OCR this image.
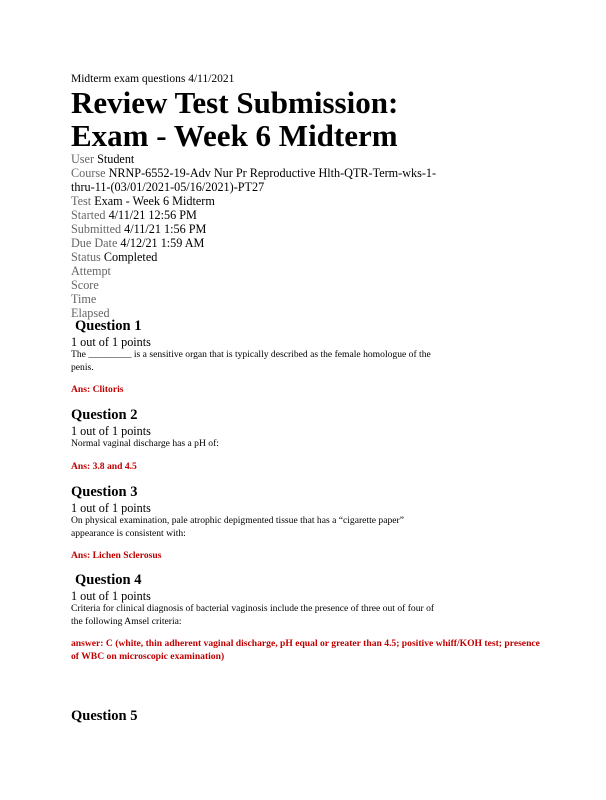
Midterm exam questions 4/11/2021
Review Test Submission:
Exam - Week 6 Midterm
User Student
Course NRNP-6552-19-Adv Nur Pr Reproductive Hlth-QTR-Term-wks-1-thru-11-(03/01/2021-05/16/2021)-PT27
Test Exam - Week 6 Midterm
Started 4/11/21 12:56 PM
Submitted 4/11/21 1:56 PM
Due Date 4/12/21 1:59 AM
Status Completed
Attempt
Score
Time
Elapsed
Question 1
1 out of 1 points
The _________ is a sensitive organ that is typically described as the female homologue of the penis.
Ans: Clitoris
Question 2
1 out of 1 points
Normal vaginal discharge has a pH of:
Ans: 3.8 and 4.5
Question 3
1 out of 1 points
On physical examination, pale atrophic depigmented tissue that has a “cigarette paper” appearance is consistent with:
Ans: Lichen Sclerosus
Question 4
1 out of 1 points
Criteria for clinical diagnosis of bacterial vaginosis include the presence of three out of four of the following Amsel criteria:
answer: C (white, thin adherent vaginal discharge, pH equal or greater than 4.5; positive whiff/KOH test; presence of WBC on microscopic examination)
Question 5
